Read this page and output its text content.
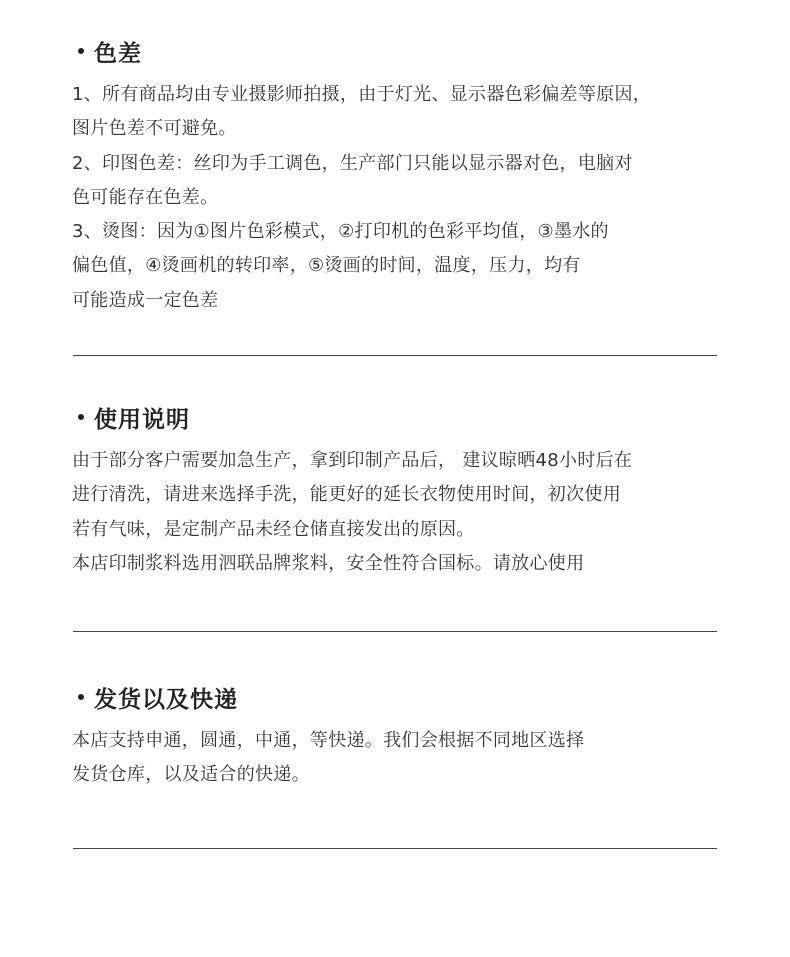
色差
1、所有商品均由专业摄影师拍摄，由于灯光、显示器色彩偏差等原因，
图片色差不可避免。
2、印图色差：丝印为手工调色，生产部门只能以显示器对色，电脑对
色可能存在色差。
3、烫图：因为①图片色彩模式，②打印机的色彩平均值，③墨水的
偏色值，④烫画机的转印率，⑤烫画的时间，温度，压力，均有
可能造成一定色差
使用说明
由于部分客户需要加急生产，拿到印制产品后， 建议晾晒48小时后在
进行清洗，请进来选择手洗，能更好的延长衣物使用时间，初次使用
若有气味，是定制产品未经仓储直接发出的原因。
本店印制浆料选用泗联品牌浆料，安全性符合国标。请放心使用
发货以及快递
本店支持申通，圆通，中通，等快递。我们会根据不同地区选择
发货仓库，以及适合的快递。
